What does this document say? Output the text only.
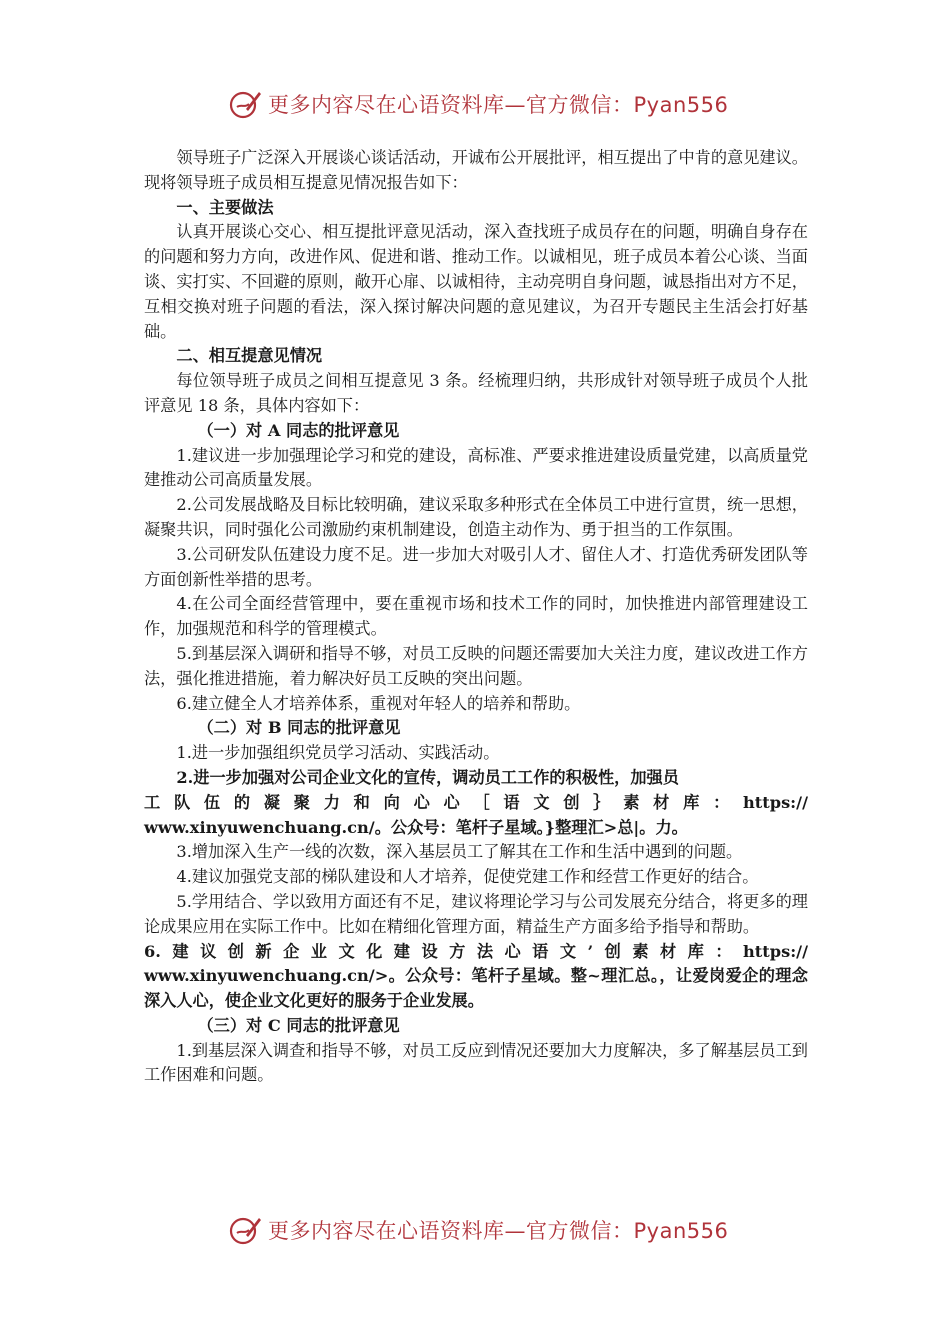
更多内容尽在心语资料库—官方微信：Pyan556

领导班子广泛深入开展谈心谈话活动，开诚布公开展批评，相互提出了中肯的意见建议。现将领导班子成员相互提意见情况报告如下：

一、主要做法

认真开展谈心交心、相互提批评意见活动，深入查找班子成员存在的问题，明确自身存在的问题和努力方向，改进作风、促进和谐、推动工作。以诚相见，班子成员本着公心谈、当面谈、实打实、不回避的原则，敞开心扉、以诚相待，主动亮明自身问题，诚恳指出对方不足，互相交换对班子问题的看法，深入探讨解决问题的意见建议，为召开专题民主生活会打好基础。

二、相互提意见情况

每位领导班子成员之间相互提意见 3 条。经梳理归纳，共形成针对领导班子成员个人批评意见 18 条，具体内容如下：

（一）对 A 同志的批评意见

1.建议进一步加强理论学习和党的建设，高标准、严要求推进建设质量党建，以高质量党建推动公司高质量发展。

2.公司发展战略及目标比较明确，建议采取多种形式在全体员工中进行宣贯，统一思想，凝聚共识，同时强化公司激励约束机制建设，创造主动作为、勇于担当的工作氛围。

3.公司研发队伍建设力度不足。进一步加大对吸引人才、留住人才、打造优秀研发团队等方面创新性举措的思考。

4.在公司全面经营管理中，要在重视市场和技术工作的同时，加快推进内部管理建设工作，加强规范和科学的管理模式。

5.到基层深入调研和指导不够，对员工反映的问题还需要加大关注力度，建议改进工作方法，强化推进措施，着力解决好员工反映的突出问题。

6.建立健全人才培养体系，重视对年轻人的培养和帮助。

（二）对 B 同志的批评意见

1.进一步加强组织党员学习活动、实践活动。

2.进一步加强对公司企业文化的宣传，调动员工工作的积极性，加强员

工队伍的凝聚力和向心心［语文创｝素材库：https://

www.xinyuwenchuang.cn/。公众号：笔杆子星域。}整理汇>总|。力。

3.增加深入生产一线的次数，深入基层员工了解其在工作和生活中遇到的问题。

4.建议加强党支部的梯队建设和人才培养，促使党建工作和经营工作更好的结合。

5.学用结合、学以致用方面还有不足，建议将理论学习与公司发展充分结合，将更多的理论成果应用在实际工作中。比如在精细化管理方面，精益生产方面多给予指导和帮助。

6.建议创新企业文化建设方法心语文’创素材库：https://

www.xinyuwenchuang.cn/>。公众号：笔杆子星域。整~理汇总。，让爱岗爱企的理念深入人心，使企业文化更好的服务于企业发展。

（三）对 C 同志的批评意见

1.到基层深入调查和指导不够，对员工反应到情况还要加大力度解决，多了解基层员工到工作困难和问题。

更多内容尽在心语资料库—官方微信：Pyan556
